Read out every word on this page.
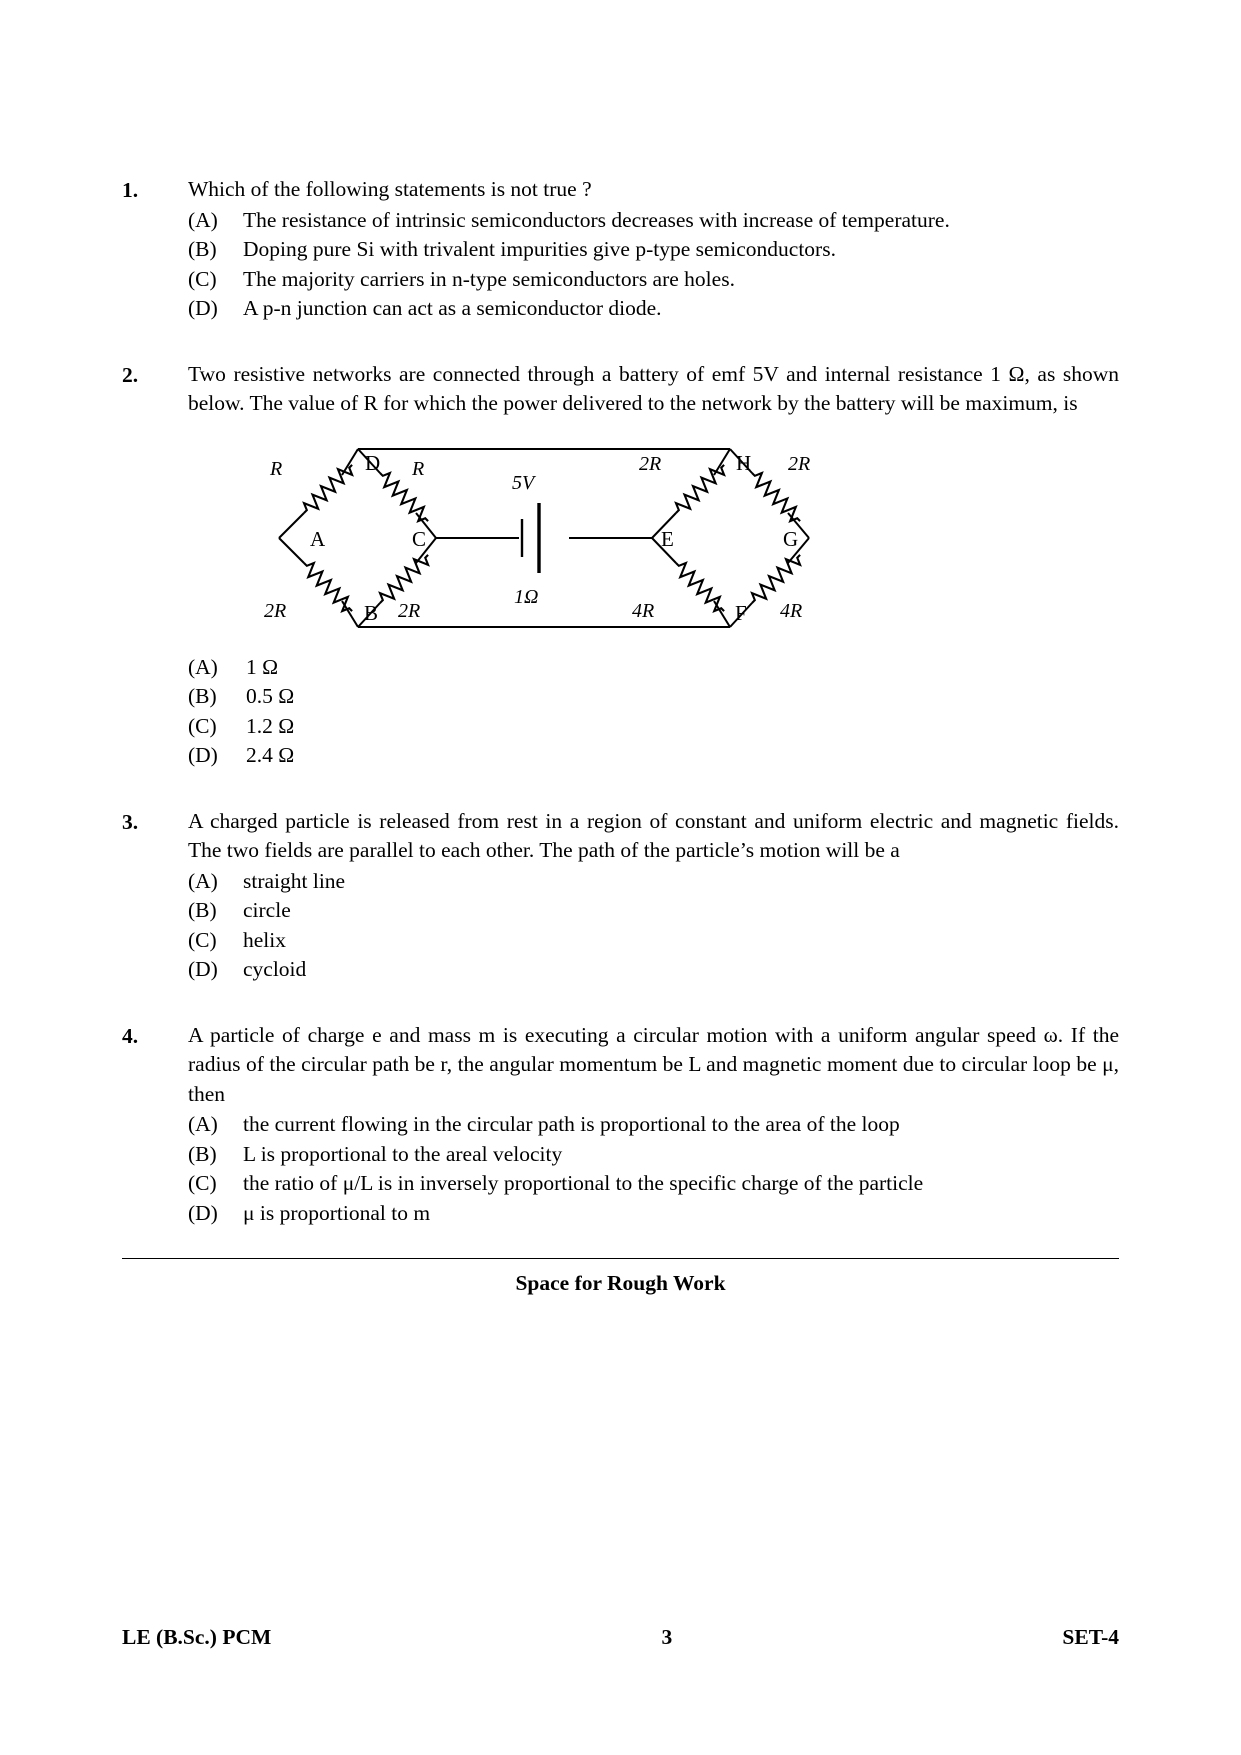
1.	Which of the following statements is not true ?
(A)	The resistance of intrinsic semiconductors decreases with increase of temperature.
(B)	Doping pure Si with trivalent impurities give p-type semiconductors.
(C)	The majority carriers in n-type semiconductors are holes.
(D)	A p-n junction can act as a semiconductor diode.
2.	Two resistive networks are connected through a battery of emf 5V and internal resistance 1 Ω, as shown below. The value of R for which the power delivered to the network by the battery will be maximum, is
A
B
C
D
E
F
G
H
R	R
2R	2R
2R	2R
4R	4R
5V
1Ω
(A)	1 Ω
(B)	0.5 Ω
(C)	1.2 Ω
(D)	2.4 Ω
3.	A charged particle is released from rest in a region of constant and uniform electric and magnetic fields. The two fields are parallel to each other. The path of the particle’s motion will be a
(A)	straight line
(B)	circle
(C)	helix
(D)	cycloid
4.	A particle of charge e and mass m is executing a circular motion with a uniform angular speed ω. If the radius of the circular path be r, the angular momentum be L and magnetic moment due to circular loop be μ, then
(A)	the current flowing in the circular path is proportional to the area of the loop
(B)	L is proportional to the areal velocity
(C)	the ratio of μ/L is in inversely proportional to the specific charge of the particle
(D)	μ is proportional to m
Space for Rough Work
LE (B.Sc.) PCM	3	SET-4
